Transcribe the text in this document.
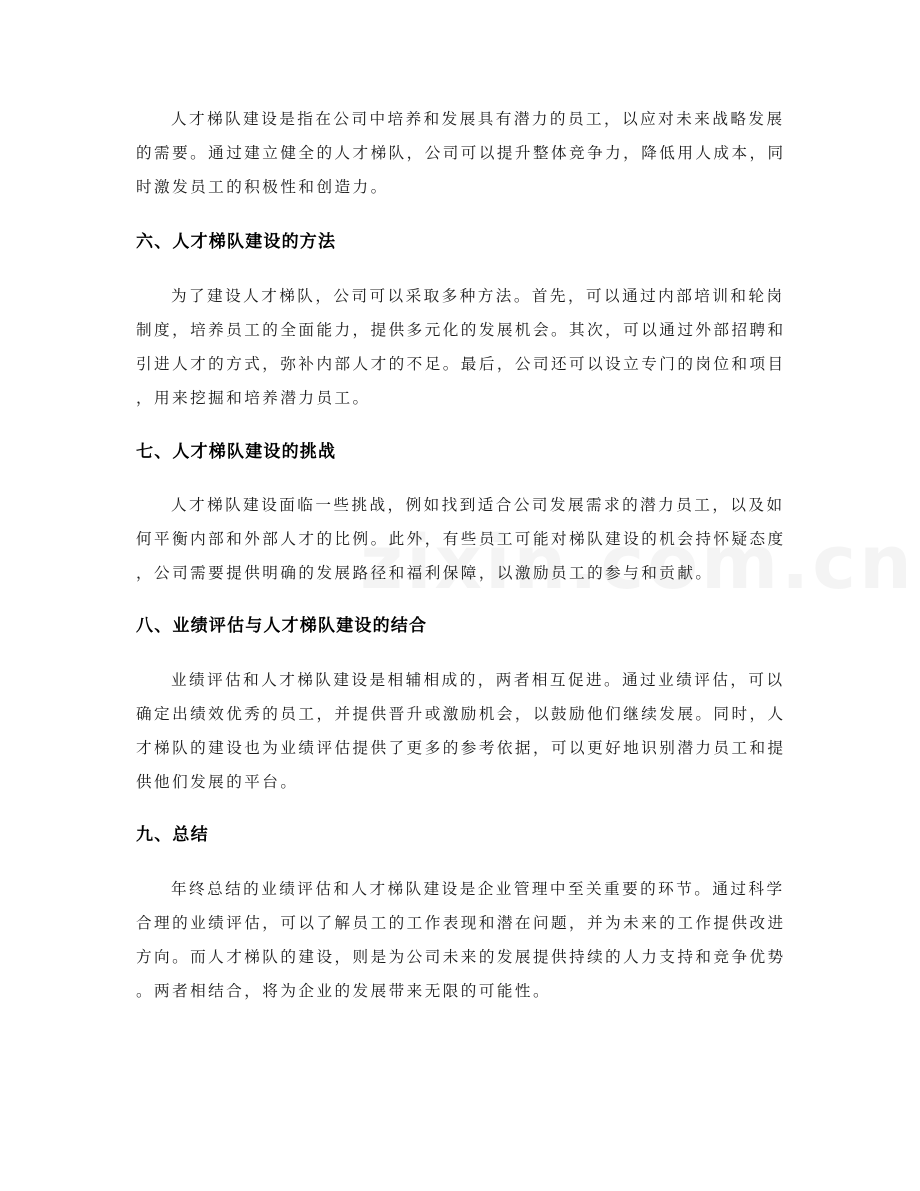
人才梯队建设是指在公司中培养和发展具有潜力的员工，以应对未来战略发展
的需要。通过建立健全的人才梯队，公司可以提升整体竞争力，降低用人成本，同
时激发员工的积极性和创造力。
六、人才梯队建设的方法
为了建设人才梯队，公司可以采取多种方法。首先，可以通过内部培训和轮岗
制度，培养员工的全面能力，提供多元化的发展机会。其次，可以通过外部招聘和
引进人才的方式，弥补内部人才的不足。最后，公司还可以设立专门的岗位和项目
，用来挖掘和培养潜力员工。
七、人才梯队建设的挑战
人才梯队建设面临一些挑战，例如找到适合公司发展需求的潜力员工，以及如
何平衡内部和外部人才的比例。此外，有些员工可能对梯队建设的机会持怀疑态度
，公司需要提供明确的发展路径和福利保障，以激励员工的参与和贡献。
八、业绩评估与人才梯队建设的结合
业绩评估和人才梯队建设是相辅相成的，两者相互促进。通过业绩评估，可以
确定出绩效优秀的员工，并提供晋升或激励机会，以鼓励他们继续发展。同时，人
才梯队的建设也为业绩评估提供了更多的参考依据，可以更好地识别潜力员工和提
供他们发展的平台。
九、总结
年终总结的业绩评估和人才梯队建设是企业管理中至关重要的环节。通过科学
合理的业绩评估，可以了解员工的工作表现和潜在问题，并为未来的工作提供改进
方向。而人才梯队的建设，则是为公司未来的发展提供持续的人力支持和竞争优势
。两者相结合，将为企业的发展带来无限的可能性。
